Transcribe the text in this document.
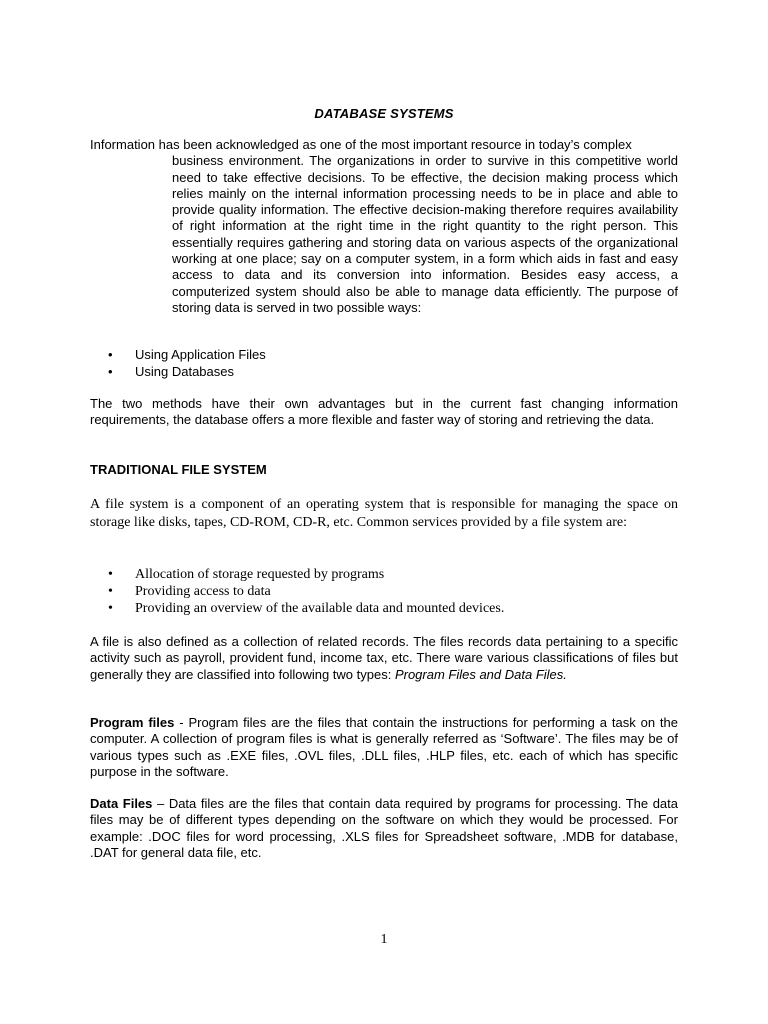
DATABASE SYSTEMS

Information has been acknowledged as one of the most important resource in today’s complex
business environment. The organizations in order to survive in this competitive world need to take effective decisions. To be effective, the decision making process which relies mainly on the internal information processing needs to be in place and able to provide quality information. The effective decision-making therefore requires availability of right information at the right time in the right quantity to the right person. This essentially requires gathering and storing data on various aspects of the organizational working at one place; say on a computer system, in a form which aids in fast and easy access to data and its conversion into information. Besides easy access, a computerized system should also be able to manage data efficiently. The purpose of storing data is served in two possible ways:

• Using Application Files
• Using Databases

The two methods have their own advantages but in the current fast changing information requirements, the database offers a more flexible and faster way of storing and retrieving the data.

TRADITIONAL FILE SYSTEM

A file system is a component of an operating system that is responsible for managing the space on storage like disks, tapes, CD-ROM, CD-R, etc. Common services provided by a file system are:

• Allocation of storage requested by programs
• Providing access to data
• Providing an overview of the available data and mounted devices.

A file is also defined as a collection of related records. The files records data pertaining to a specific activity such as payroll, provident fund, income tax, etc. There ware various classifications of files but generally they are classified into following two types: Program Files and Data Files.

Program files - Program files are the files that contain the instructions for performing a task on the computer. A collection of program files is what is generally referred as ‘Software’. The files may be of various types such as .EXE files, .OVL files, .DLL files, .HLP files, etc. each of which has specific purpose in the software.

Data Files – Data files are the files that contain data required by programs for processing. The data files may be of different types depending on the software on which they would be processed. For example: .DOC files for word processing, .XLS files for Spreadsheet software, .MDB for database, .DAT for general data file, etc.

1
